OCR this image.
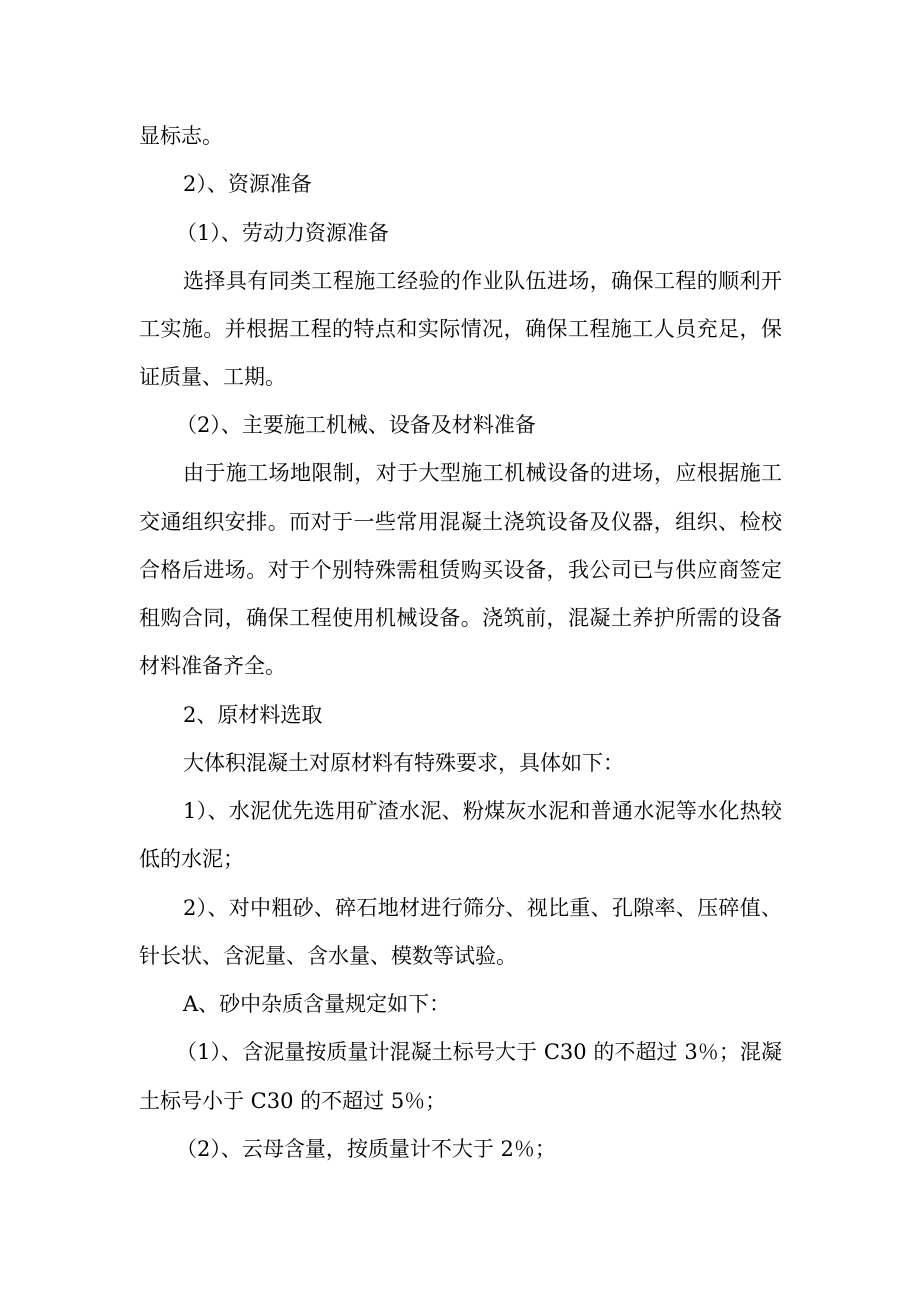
显标志。
2）、资源准备
（1）、劳动力资源准备
选择具有同类工程施工经验的作业队伍进场，确保工程的顺利开
工实施。并根据工程的特点和实际情况，确保工程施工人员充足，保
证质量、工期。
（2）、主要施工机械、设备及材料准备
由于施工场地限制，对于大型施工机械设备的进场，应根据施工
交通组织安排。而对于一些常用混凝土浇筑设备及仪器，组织、检校
合格后进场。对于个别特殊需租赁购买设备，我公司已与供应商签定
租购合同，确保工程使用机械设备。浇筑前，混凝土养护所需的设备
材料准备齐全。
2、原材料选取
大体积混凝土对原材料有特殊要求，具体如下：
1）、水泥优先选用矿渣水泥、粉煤灰水泥和普通水泥等水化热较
低的水泥；
2）、对中粗砂、碎石地材进行筛分、视比重、孔隙率、压碎值、
针长状、含泥量、含水量、模数等试验。
A、砂中杂质含量规定如下：
（1）、含泥量按质量计混凝土标号大于 C30 的不超过 3％；混凝
土标号小于 C30 的不超过 5％；
（2）、云母含量，按质量计不大于 2％；
